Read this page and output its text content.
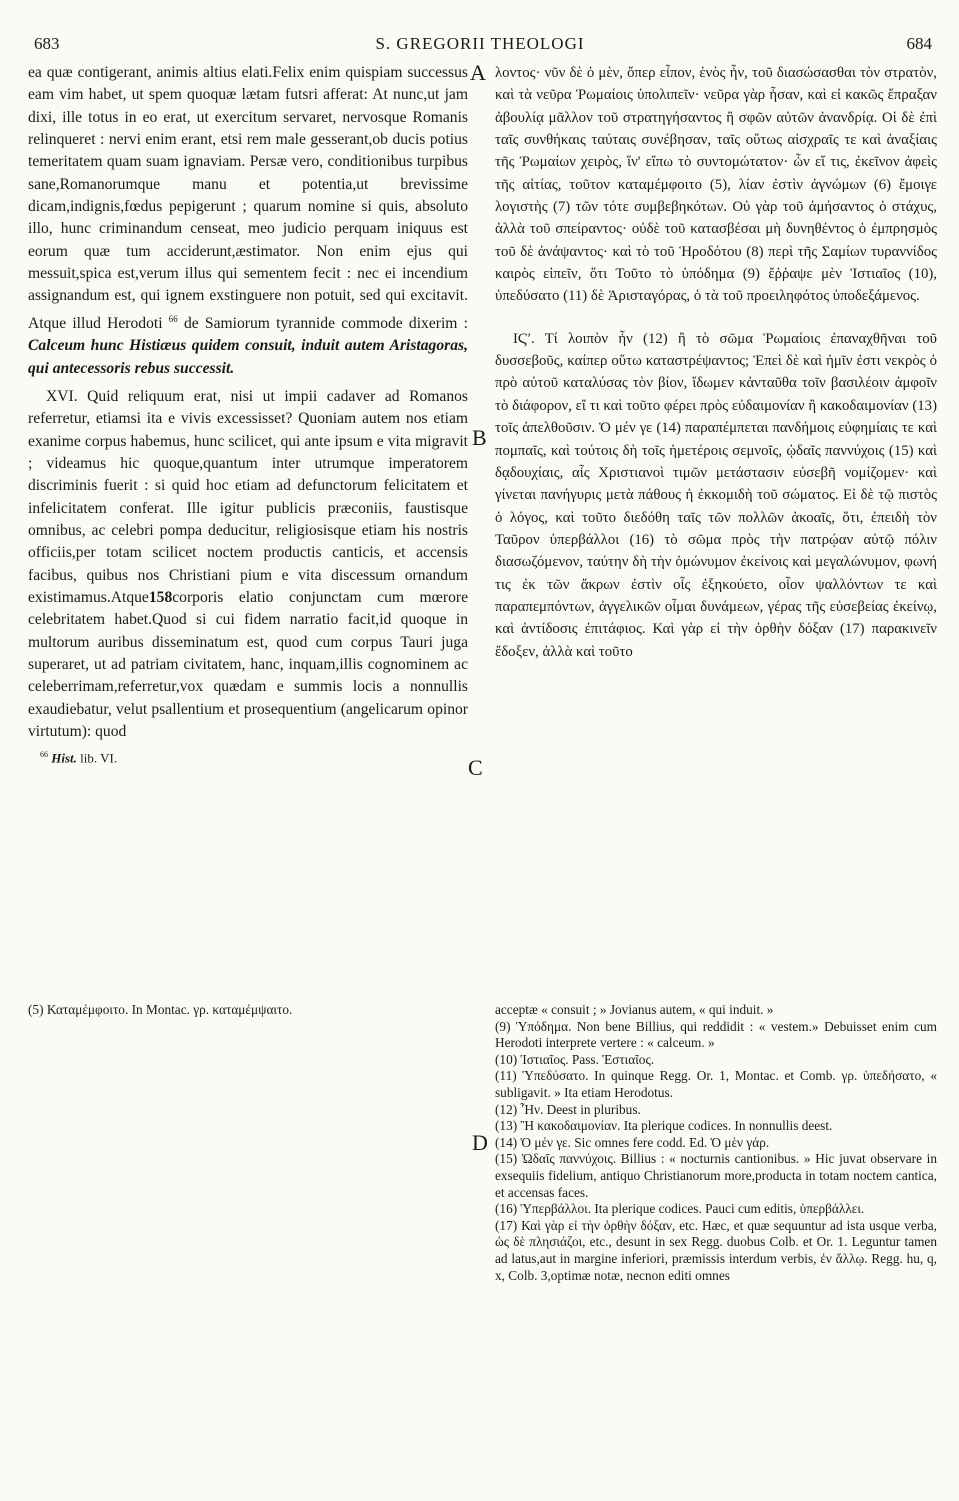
683	S. GREGORII THEOLOGI	684
A
B
C
D

ea quæ contigerant, animis altius elati.Felix enim quispiam successus eam vim habet, ut spem quoquæ lætam futsri afferat: At nunc,ut jam dixi, ille totus in eo erat, ut exercitum servaret, nervosque Romanis relinqueret : nervi enim erant, etsi rem male gesserant,ob ducis potius temeritatem quam suam ignaviam. Persæ vero, conditionibus turpibus sane,Romanorumque manu et potentia,ut brevissime dicam,indignis,fœdus pepigerunt ; quarum nomine si quis, absoluto illo, hunc criminandum censeat, meo judicio perquam iniquus est eorum quæ tum acciderunt,æstimator. Non enim ejus qui messuit,spica est,verum illus qui sementem fecit : nec ei incendium assignandum est, qui ignem exstinguere non potuit, sed qui excitavit. Atque illud Herodoti $^{66}$ de Samiorum tyrannide commode dixerim : Calceum hunc Histiæus quidem consuit, induit autem Aristagoras, qui antecessoris rebus successit.

XVI. Quid reliquum erat, nisi ut impii cadaver ad Romanos referretur, etiamsi ita e vivis excessisset? Quoniam autem nos etiam exanime corpus habemus, hunc scilicet, qui ante ipsum e vita migravit ; videamus hic quoque,quantum inter utrumque imperatorem discriminis fuerit : si quid hoc etiam ad defunctorum felicitatem et infelicitatem conferat. Ille igitur publicis præconiis, faustisque omnibus, ac celebri pompa deducitur, religiosisque etiam his nostris officiis,per totam scilicet noctem productis canticis, et accensis facibus, quibus nos Christiani pium e vita discessum ornandum existimamus.Atque158corporis elatio conjunctam cum mœrore celebritatem habet.Quod si cui fidem narratio facit,id quoque in multorum auribus disseminatum est, quod cum corpus Tauri juga superaret, ut ad patriam civitatem, hanc, inquam,illis cognominem ac celeberrimam,referretur,vox quædam e summis locis a nonnullis exaudiebatur, velut psallentium et prosequentium (angelicarum opinor virtutum): quod

$^{66}$ Hist. lib. VI.

λοντος· νῦν δὲ ὁ μὲν, ὅπερ εἶπον, ἑνὸς ἦν, τοῦ διασώσασθαι τὸν στρατὸν, καὶ τὰ νεῦρα Ῥωμαίοις ὑπολιπεῖν· νεῦρα γὰρ ἦσαν, καὶ εἰ κακῶς ἔπραξαν ἀβουλίᾳ μᾶλλον τοῦ στρατηγήσαντος ἢ σφῶν αὐτῶν ἀνανδρίᾳ. Οἱ δὲ ἐπὶ ταῖς συνθήκαις ταύταις συνέβησαν, ταῖς οὕτως αἰσχραῖς τε καὶ ἀναξίαις τῆς Ῥωμαίων χειρὸς, ἵν' εἴπω τὸ συντομώτατον· ὧν εἴ τις, ἐκεῖνον ἀφεὶς τῆς αἰτίας, τοῦτον καταμέμφοιτο (5), λίαν ἐστὶν ἀγνώμων (6) ἔμοιγε λογιστὴς (7) τῶν τότε συμβεβηκότων. Οὐ γὰρ τοῦ ἀμήσαντος ὁ στάχυς, ἀλλὰ τοῦ σπείραντος· οὐδὲ τοῦ κατασβέσαι μὴ δυνηθέντος ὁ ἐμπρησμὸς τοῦ δὲ ἀνάψαντος· καὶ τὸ τοῦ Ἡροδότου (8) περὶ τῆς Σαμίων τυραννίδος καιρὸς εἰπεῖν, ὅτι Τοῦτο τὸ ὑπόδημα (9) ἔῤῥαψε μὲν Ἱστιαῖος (10), ὑπεδύσατο (11) δὲ Ἀρισταγόρας, ὁ τὰ τοῦ προειληφότος ὑποδεξάμενος.

ΙϚʹ. Τί λοιπὸν ἦν (12) ἢ τὸ σῶμα Ῥωμαίοις ἐπαναχθῆναι τοῦ δυσσεβοῦς, καίπερ οὕτω καταστρέψαντος; Ἐπεὶ δὲ καὶ ἡμῖν ἐστι νεκρὸς ὁ πρὸ αὐτοῦ καταλύσας τὸν βίον, ἴδωμεν κἀνταῦθα τοῖν βασιλέοιν ἀμφοῖν τὸ διάφορον, εἴ τι καὶ τοῦτο φέρει πρὸς εὐδαιμονίαν ἢ κακοδαιμονίαν (13) τοῖς ἀπελθοῦσιν. Ὁ μέν γε (14) παραπέμπεται πανδήμοις εὐφημίαις τε καὶ πομπαῖς, καὶ τούτοις δὴ τοῖς ἡμετέροις σεμνοῖς, ᾠδαῖς παννύχοις (15) καὶ δᾳδουχίαις, αἷς Χριστιανοὶ τιμῶν μετάστασιν εὐσεβῆ νομίζομεν· καὶ γίνεται πανήγυρις μετὰ πάθους ἡ ἐκκομιδὴ τοῦ σώματος. Εἰ δὲ τῷ πιστὸς ὁ λόγος, καὶ τοῦτο διεδόθη ταῖς τῶν πολλῶν ἀκοαῖς, ὅτι, ἐπειδὴ τὸν Ταῦρον ὑπερβάλλοι (16) τὸ σῶμα πρὸς τὴν πατρῴαν αὐτῷ πόλιν διασωζόμενον, ταύτην δὴ τὴν ὁμώνυμον ἐκείνοις καὶ μεγαλώνυμον, φωνή τις ἐκ τῶν ἄκρων ἐστὶν οἷς ἐξηκούετο, οἷον ψαλλόντων τε καὶ παραπεμπόντων, ἀγγελικῶν οἶμαι δυνάμεων, γέρας τῆς εὐσεβείας ἐκείνῳ, καὶ ἀντίδοσις ἐπιτάφιος. Καὶ γὰρ εἰ τὴν ὀρθὴν δόξαν (17) παρακινεῖν ἔδοξεν, ἀλλὰ καὶ τοῦτο

(5) Καταμέμφοιτο. In Montac. γρ. καταμέμψαιτο.	acceptæ « consuit ; » Jovianus autem, « qui induit. »

(9) Ὑπόδημα. Non bene Billius, qui reddidit : « vestem.» Debuisset enim cum Herodoti interprete vertere : « calceum. »

(10) Ἱστιαῖος. Pass. Ἑστιαῖος.

(11) Ὑπεδύσατο. In quinque Regg. Or. 1, Montac. et Comb. γρ. ὑπεδήσατο, « subligavit. » Ita etiam Herodotus.

(12) Ἦν. Deest in pluribus.

(13) Ἢ κακοδαιμονίαν. Ita plerique codices. In nonnullis deest.

(14) Ὁ μέν γε. Sic omnes fere codd. Ed. Ὁ μὲν γάρ.

(15) Ὠδαῖς παννύχοις. Billius : « nocturnis cantionibus. » Hic juvat observare in exsequiis fidelium, antiquo Christianorum more,producta in totam noctem cantica, et accensas faces.

(16) Ὑπερβάλλοι. Ita plerique codices. Pauci cum editis, ὑπερβάλλει.

(17) Καὶ γὰρ εἰ τὴν ὀρθὴν δόξαν, etc. Hæc, et quæ sequuntur ad ista usque verba, ὡς δὲ πλησιάζοι, etc., desunt in sex Regg. duobus Colb. et Or. 1. Leguntur tamen ad latus,aut in margine inferiori, præmissis interdum verbis, ἐν ἄλλῳ. Regg. hu, q, x, Colb. 3,optimæ notæ, necnon editi omnes
